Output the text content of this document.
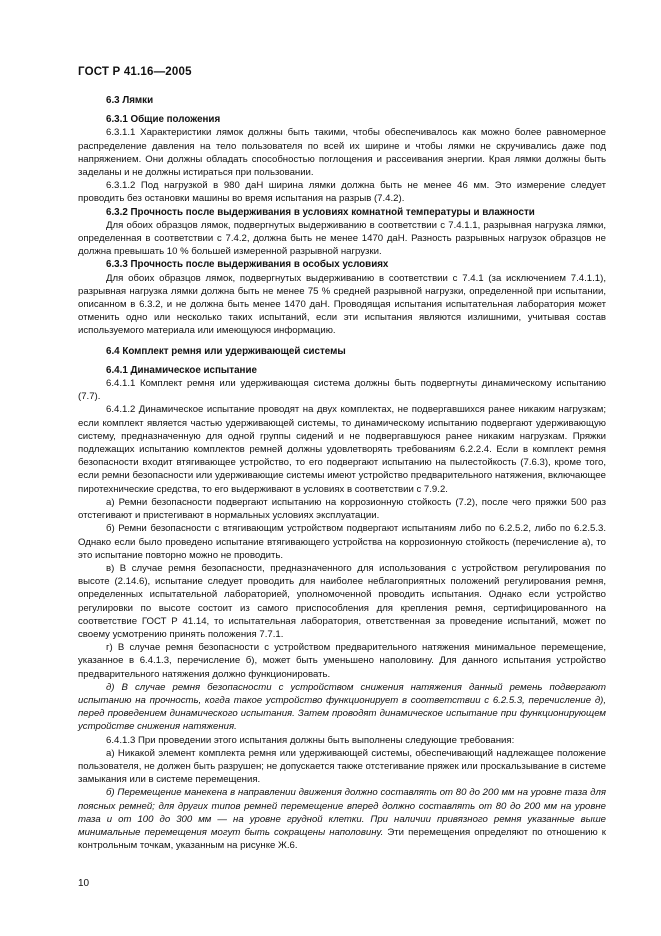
ГОСТ Р 41.16—2005
6.3 Лямки
6.3.1 Общие положения

6.3.1.1 Характеристики лямок должны быть такими, чтобы обеспечивалось как можно более равномерное распределение давления на тело пользователя по всей их ширине и чтобы лямки не скручивались даже под напряжением. Они должны обладать способностью поглощения и рассеивания энергии. Края лямки должны быть заделаны и не должны истираться при пользовании.

6.3.1.2 Под нагрузкой в 980 даН ширина лямки должна быть не менее 46 мм. Это измерение следует проводить без остановки машины во время испытания на разрыв (7.4.2).

6.3.2 Прочность после выдерживания в условиях комнатной температуры и влажности

Для обоих образцов лямок, подвергнутых выдерживанию в соответствии с 7.4.1.1, разрывная нагрузка лямки, определенная в соответствии с 7.4.2, должна быть не менее 1470 даН. Разность разрывных нагрузок образцов не должна превышать 10 % большей измеренной разрывной нагрузки.

6.3.3 Прочность после выдерживания в особых условиях

Для обоих образцов лямок, подвергнутых выдерживанию в соответствии с 7.4.1 (за исключением 7.4.1.1), разрывная нагрузка лямки должна быть не менее 75 % средней разрывной нагрузки, определенной при испытании, описанном в 6.3.2, и не должна быть менее 1470 даН. Проводящая испытания испытательная лаборатория может отменить одно или несколько таких испытаний, если эти испытания являются излишними, учитывая состав используемого материала или имеющуюся информацию.

6.4 Комплект ремня или удерживающей системы
6.4.1 Динамическое испытание

6.4.1.1 Комплект ремня или удерживающая система должны быть подвергнуты динамическому испытанию (7.7).

6.4.1.2 Динамическое испытание проводят на двух комплектах, не подвергавшихся ранее никаким нагрузкам; если комплект является частью удерживающей системы, то динамическому испытанию подвергают удерживающую систему, предназначенную для одной группы сидений и не подвергавшуюся ранее никаким нагрузкам. Пряжки подлежащих испытанию комплектов ремней должны удовлетворять требованиям 6.2.2.4. Если в комплект ремня безопасности входит втягивающее устройство, то его подвергают испытанию на пылестойкость (7.6.3), кроме того, если ремни безопасности или удерживающие системы имеют устройство предварительного натяжения, включающее пиротехнические средства, то его выдерживают в условиях в соответствии с 7.9.2.

а) Ремни безопасности подвергают испытанию на коррозионную стойкость (7.2), после чего пряжки 500 раз отстегивают и пристегивают в нормальных условиях эксплуатации.

б) Ремни безопасности с втягивающим устройством подвергают испытаниям либо по 6.2.5.2, либо по 6.2.5.3. Однако если было проведено испытание втягивающего устройства на коррозионную стойкость (перечисление а), то это испытание повторно можно не проводить.

в) В случае ремня безопасности, предназначенного для использования с устройством регулирования по высоте (2.14.6), испытание следует проводить для наиболее неблагоприятных положений регулирования ремня, определенных испытательной лабораторией, уполномоченной проводить испытания. Однако если устройство регулировки по высоте состоит из самого приспособления для крепления ремня, сертифицированного на соответствие ГОСТ Р 41.14, то испытательная лаборатория, ответственная за проведение испытаний, может по своему усмотрению принять положения 7.7.1.

г) В случае ремня безопасности с устройством предварительного натяжения минимальное перемещение, указанное в 6.4.1.3, перечисление б), может быть уменьшено наполовину. Для данного испытания устройство предварительного натяжения должно функционировать.

д) В случае ремня безопасности с устройством снижения натяжения данный ремень подвергают испытанию на прочность, когда такое устройство функционирует в соответствии с 6.2.5.3, перечисление д), перед проведением динамического испытания. Затем проводят динамическое испытание при функционирующем устройстве снижения натяжения.

6.4.1.3 При проведении этого испытания должны быть выполнены следующие требования:

а) Никакой элемент комплекта ремня или удерживающей системы, обеспечивающий надлежащее положение пользователя, не должен быть разрушен; не допускается также отстегивание пряжек или проскальзывание в системе замыкания или в системе перемещения.

б) Перемещение манекена в направлении движения должно составлять от 80 до 200 мм на уровне таза для поясных ремней; для других типов ремней перемещение вперед должно составлять от 80 до 200 мм на уровне таза и от 100 до 300 мм — на уровне грудной клетки. При наличии привязного ремня указанные выше минимальные перемещения могут быть сокращены наполовину. Эти перемещения определяют по отношению к контрольным точкам, указанным на рисунке Ж.6.

10
